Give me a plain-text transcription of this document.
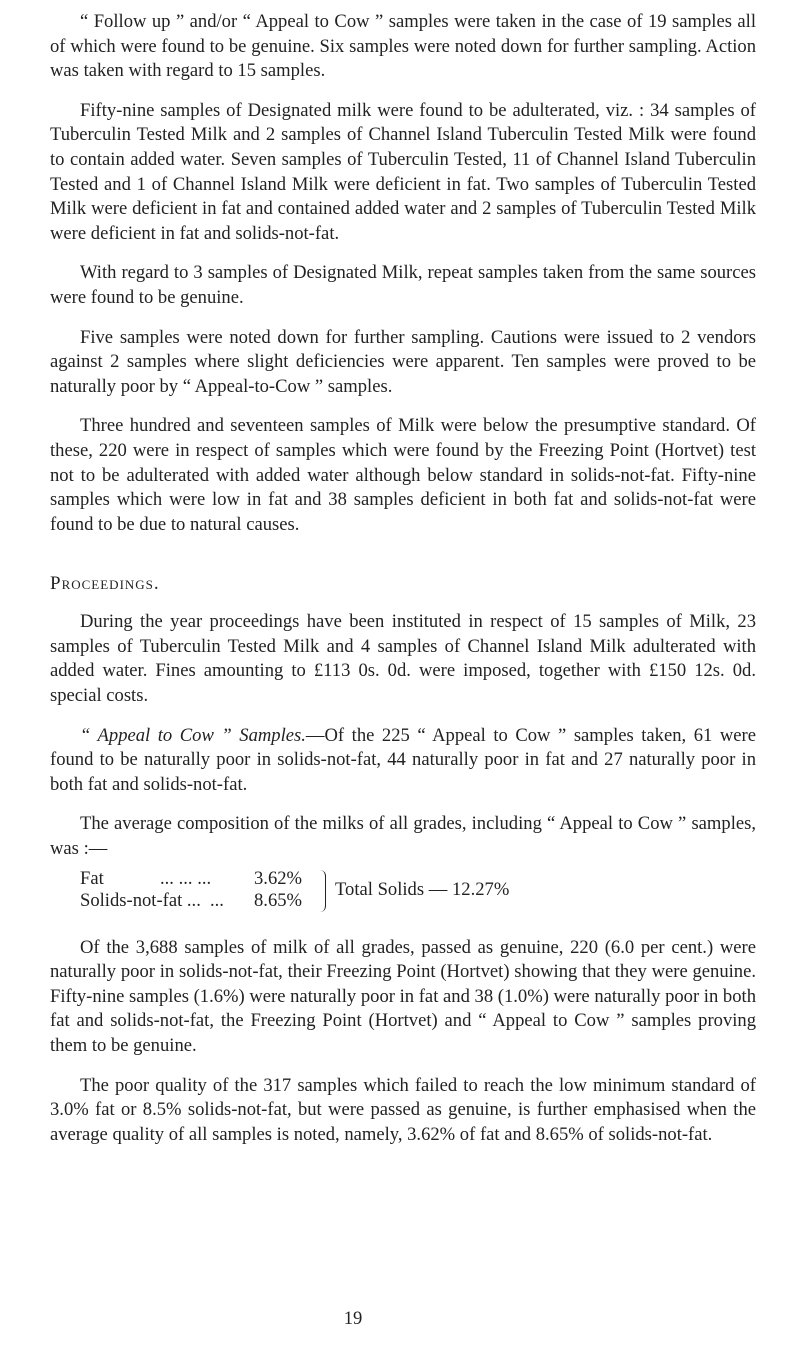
“ Follow up ” and/or “ Appeal to Cow ” samples were taken in the case of 19 samples all of which were found to be genuine. Six samples were noted down for further sampling. Action was taken with regard to 15 samples.

Fifty-nine samples of Designated milk were found to be adulterated, viz. : 34 samples of Tuberculin Tested Milk and 2 samples of Channel Island Tuberculin Tested Milk were found to contain added water. Seven samples of Tuberculin Tested, 11 of Channel Island Tuberculin Tested and 1 of Channel Island Milk were deficient in fat. Two samples of Tuberculin Tested Milk were deficient in fat and contained added water and 2 samples of Tuberculin Tested Milk were deficient in fat and solids-not-fat.

With regard to 3 samples of Designated Milk, repeat samples taken from the same sources were found to be genuine.

Five samples were noted down for further sampling. Cautions were issued to 2 vendors against 2 samples where slight deficiencies were apparent. Ten samples were proved to be naturally poor by “ Appeal-to-Cow ” samples.

Three hundred and seventeen samples of Milk were below the presumptive standard. Of these, 220 were in respect of samples which were found by the Freezing Point (Hortvet) test not to be adulterated with added water although below standard in solids-not-fat. Fifty-nine samples which were low in fat and 38 samples deficient in both fat and solids-not-fat were found to be due to natural causes.

Proceedings.

During the year proceedings have been instituted in respect of 15 samples of Milk, 23 samples of Tuberculin Tested Milk and 4 samples of Channel Island Milk adulterated with added water. Fines amounting to £113 0s. 0d. were imposed, together with £150 12s. 0d. special costs.

“ Appeal to Cow ” Samples.—Of the 225 “ Appeal to Cow ” samples taken, 61 were found to be naturally poor in solids-not-fat, 44 naturally poor in fat and 27 naturally poor in both fat and solids-not-fat.

The average composition of the milks of all grades, including “ Appeal to Cow ” samples, was :—

Fat	... ... ... 3.62%
Solids-not-fat ... ... 8.65%
Total Solids — 12.27%

Of the 3,688 samples of milk of all grades, passed as genuine, 220 (6.0 per cent.) were naturally poor in solids-not-fat, their Freezing Point (Hortvet) showing that they were genuine. Fifty-nine samples (1.6%) were naturally poor in fat and 38 (1.0%) were naturally poor in both fat and solids-not-fat, the Freezing Point (Hortvet) and “ Appeal to Cow ” samples proving them to be genuine.

The poor quality of the 317 samples which failed to reach the low minimum standard of 3.0% fat or 8.5% solids-not-fat, but were passed as genuine, is further emphasised when the average quality of all samples is noted, namely, 3.62% of fat and 8.65% of solids-not-fat.

19
